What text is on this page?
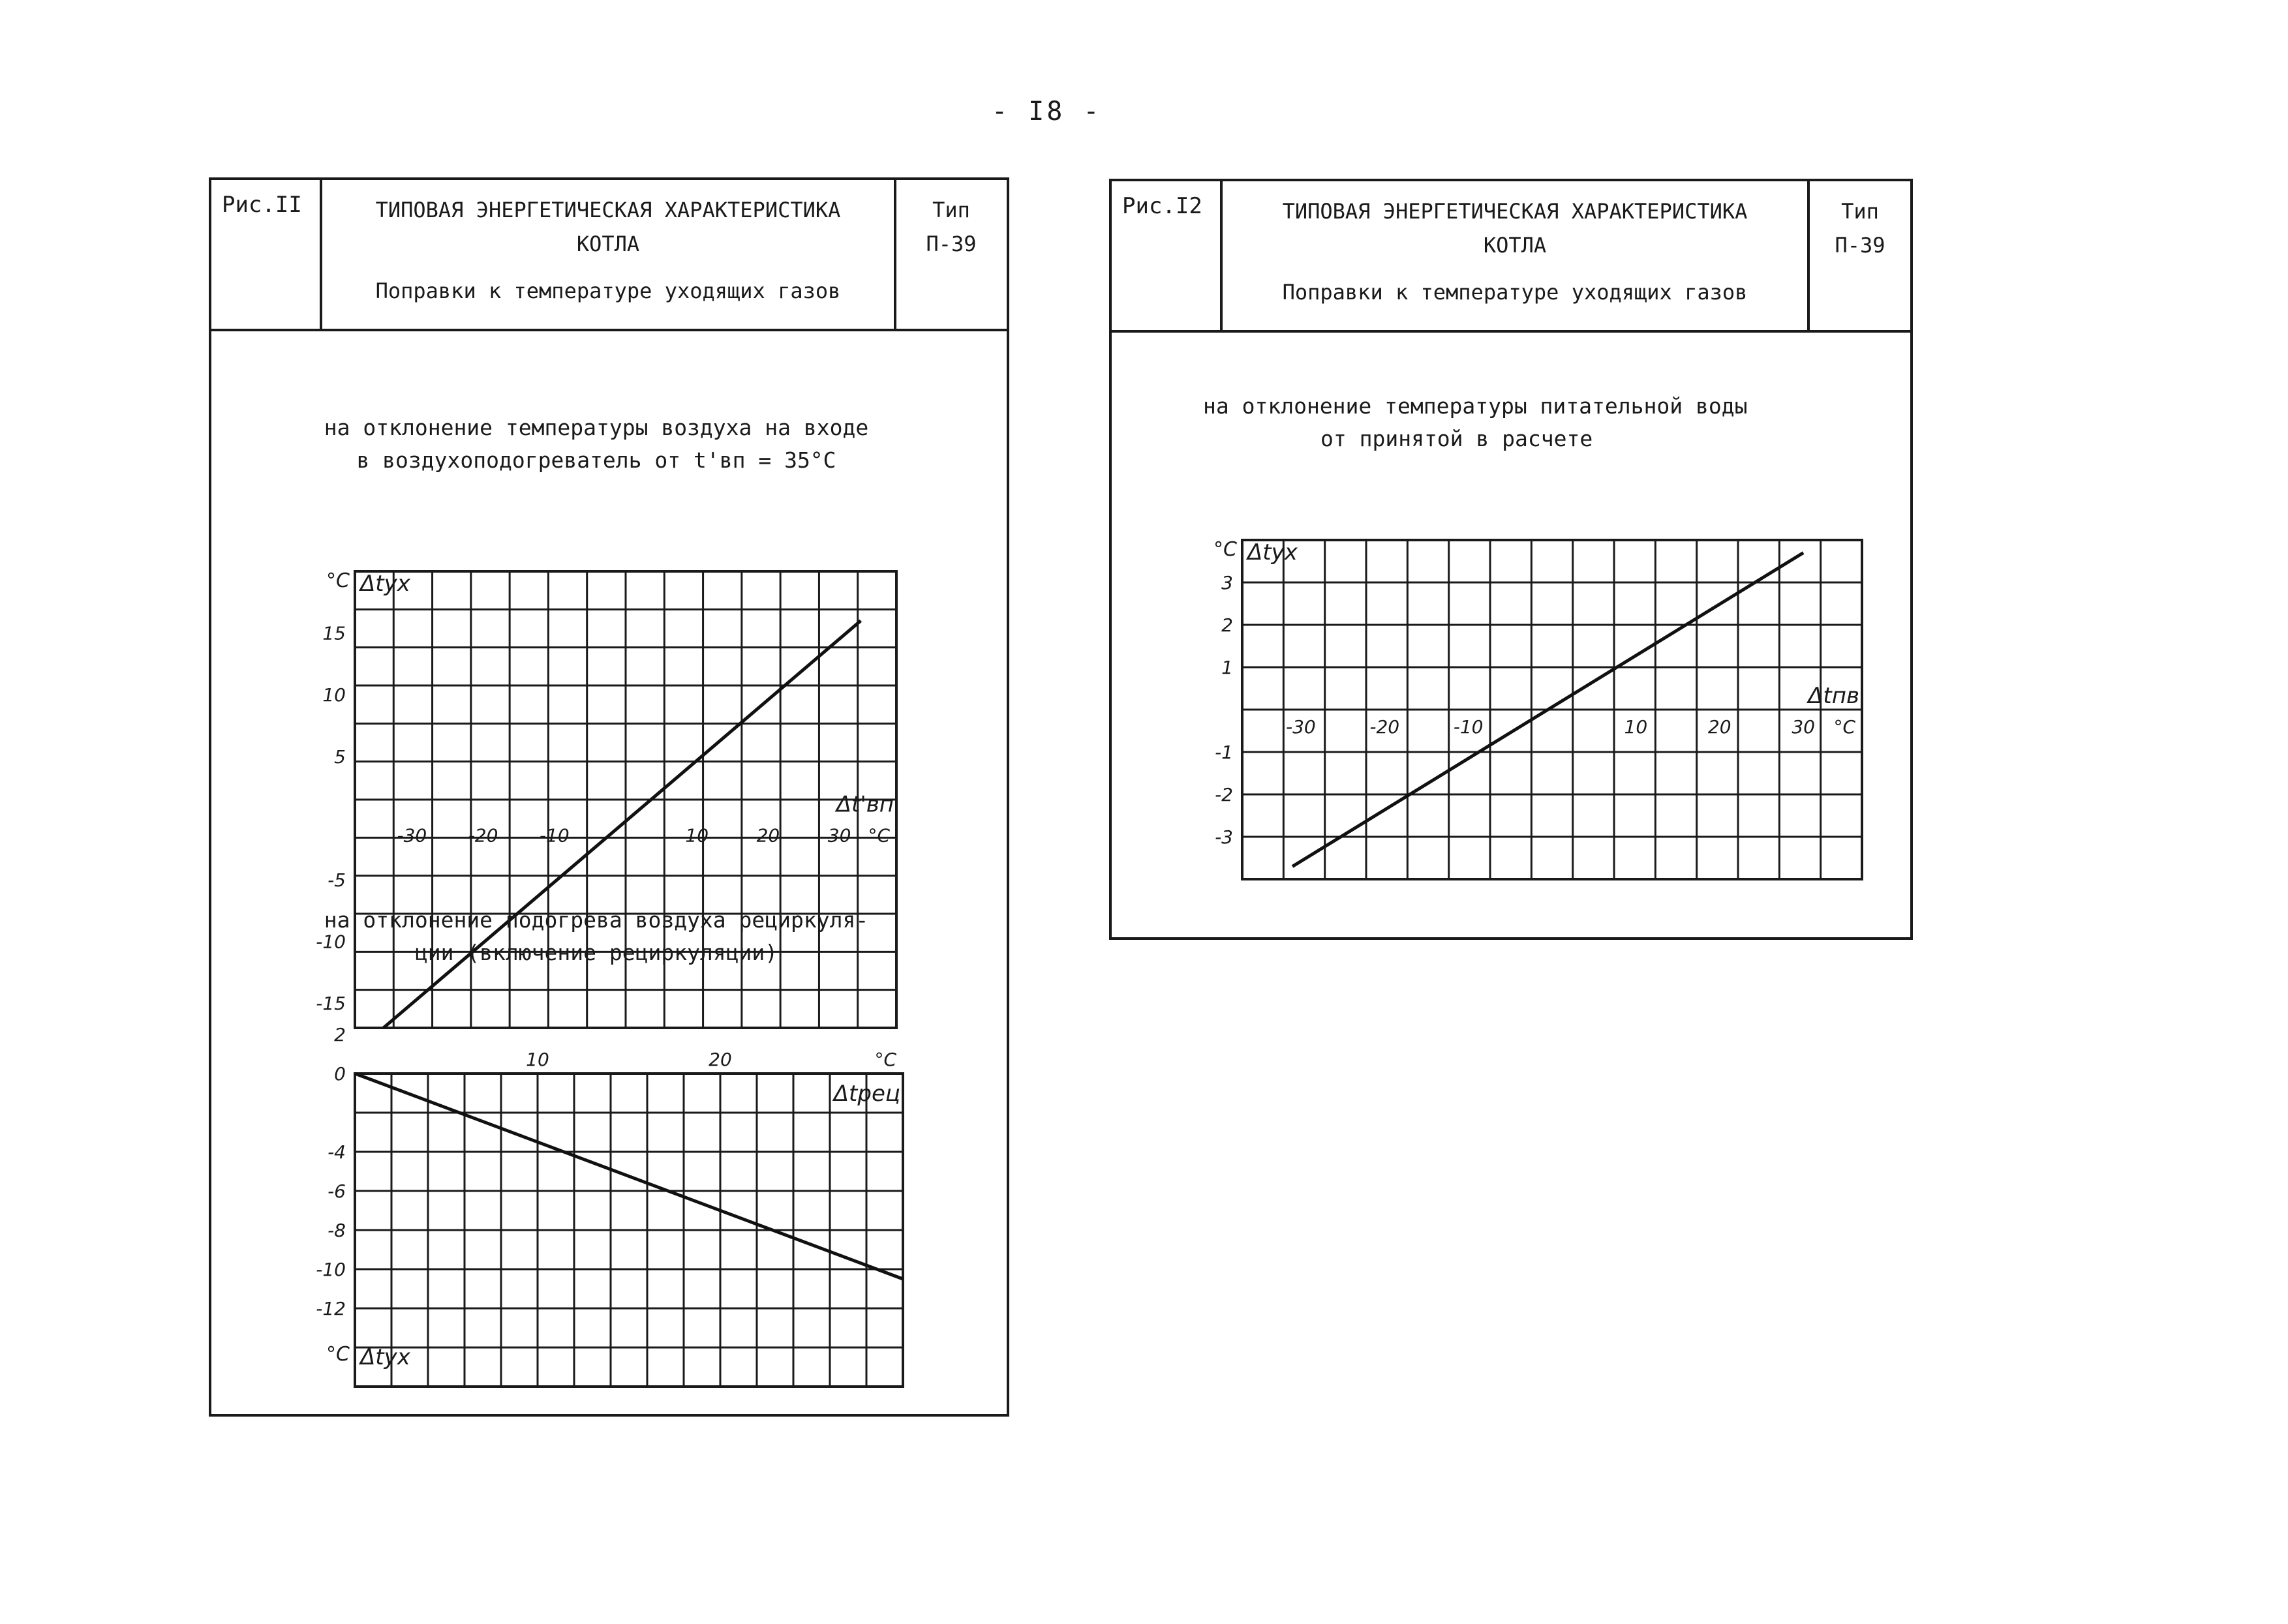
- I8 -
Рис.II	ТИПОВАЯ ЭНЕРГЕТИЧЕСКАЯ ХАРАКТЕРИСТИКА
КОТЛА
Поправки к температуре уходящих газов
Тип
П-39
на отклонение температуры воздуха на входе
в воздухоподогреватель от t'вп = 35°С
°C Δtух
15
10
5
-5
-10
-15
-30 -20 -10	10	20	30 °C
Δt'вп
на отклонение подогрева воздуха рециркуля-
ции (включение рециркуляции)
°C Δtух
0
2
-4
-6
-8
-10
-12
10	20	°C
Δtрец
Рис.I2	ТИПОВАЯ ЭНЕРГЕТИЧЕСКАЯ ХАРАКТЕРИСТИКА
КОТЛА
Поправки к температуре уходящих газов
Тип
П-39
на отклонение температуры питательной воды
от принятой в расчете
°C Δtух
3
2
1
-1
-2
-3
-30	-20	-10	10	20	30 °C
Δtпв
